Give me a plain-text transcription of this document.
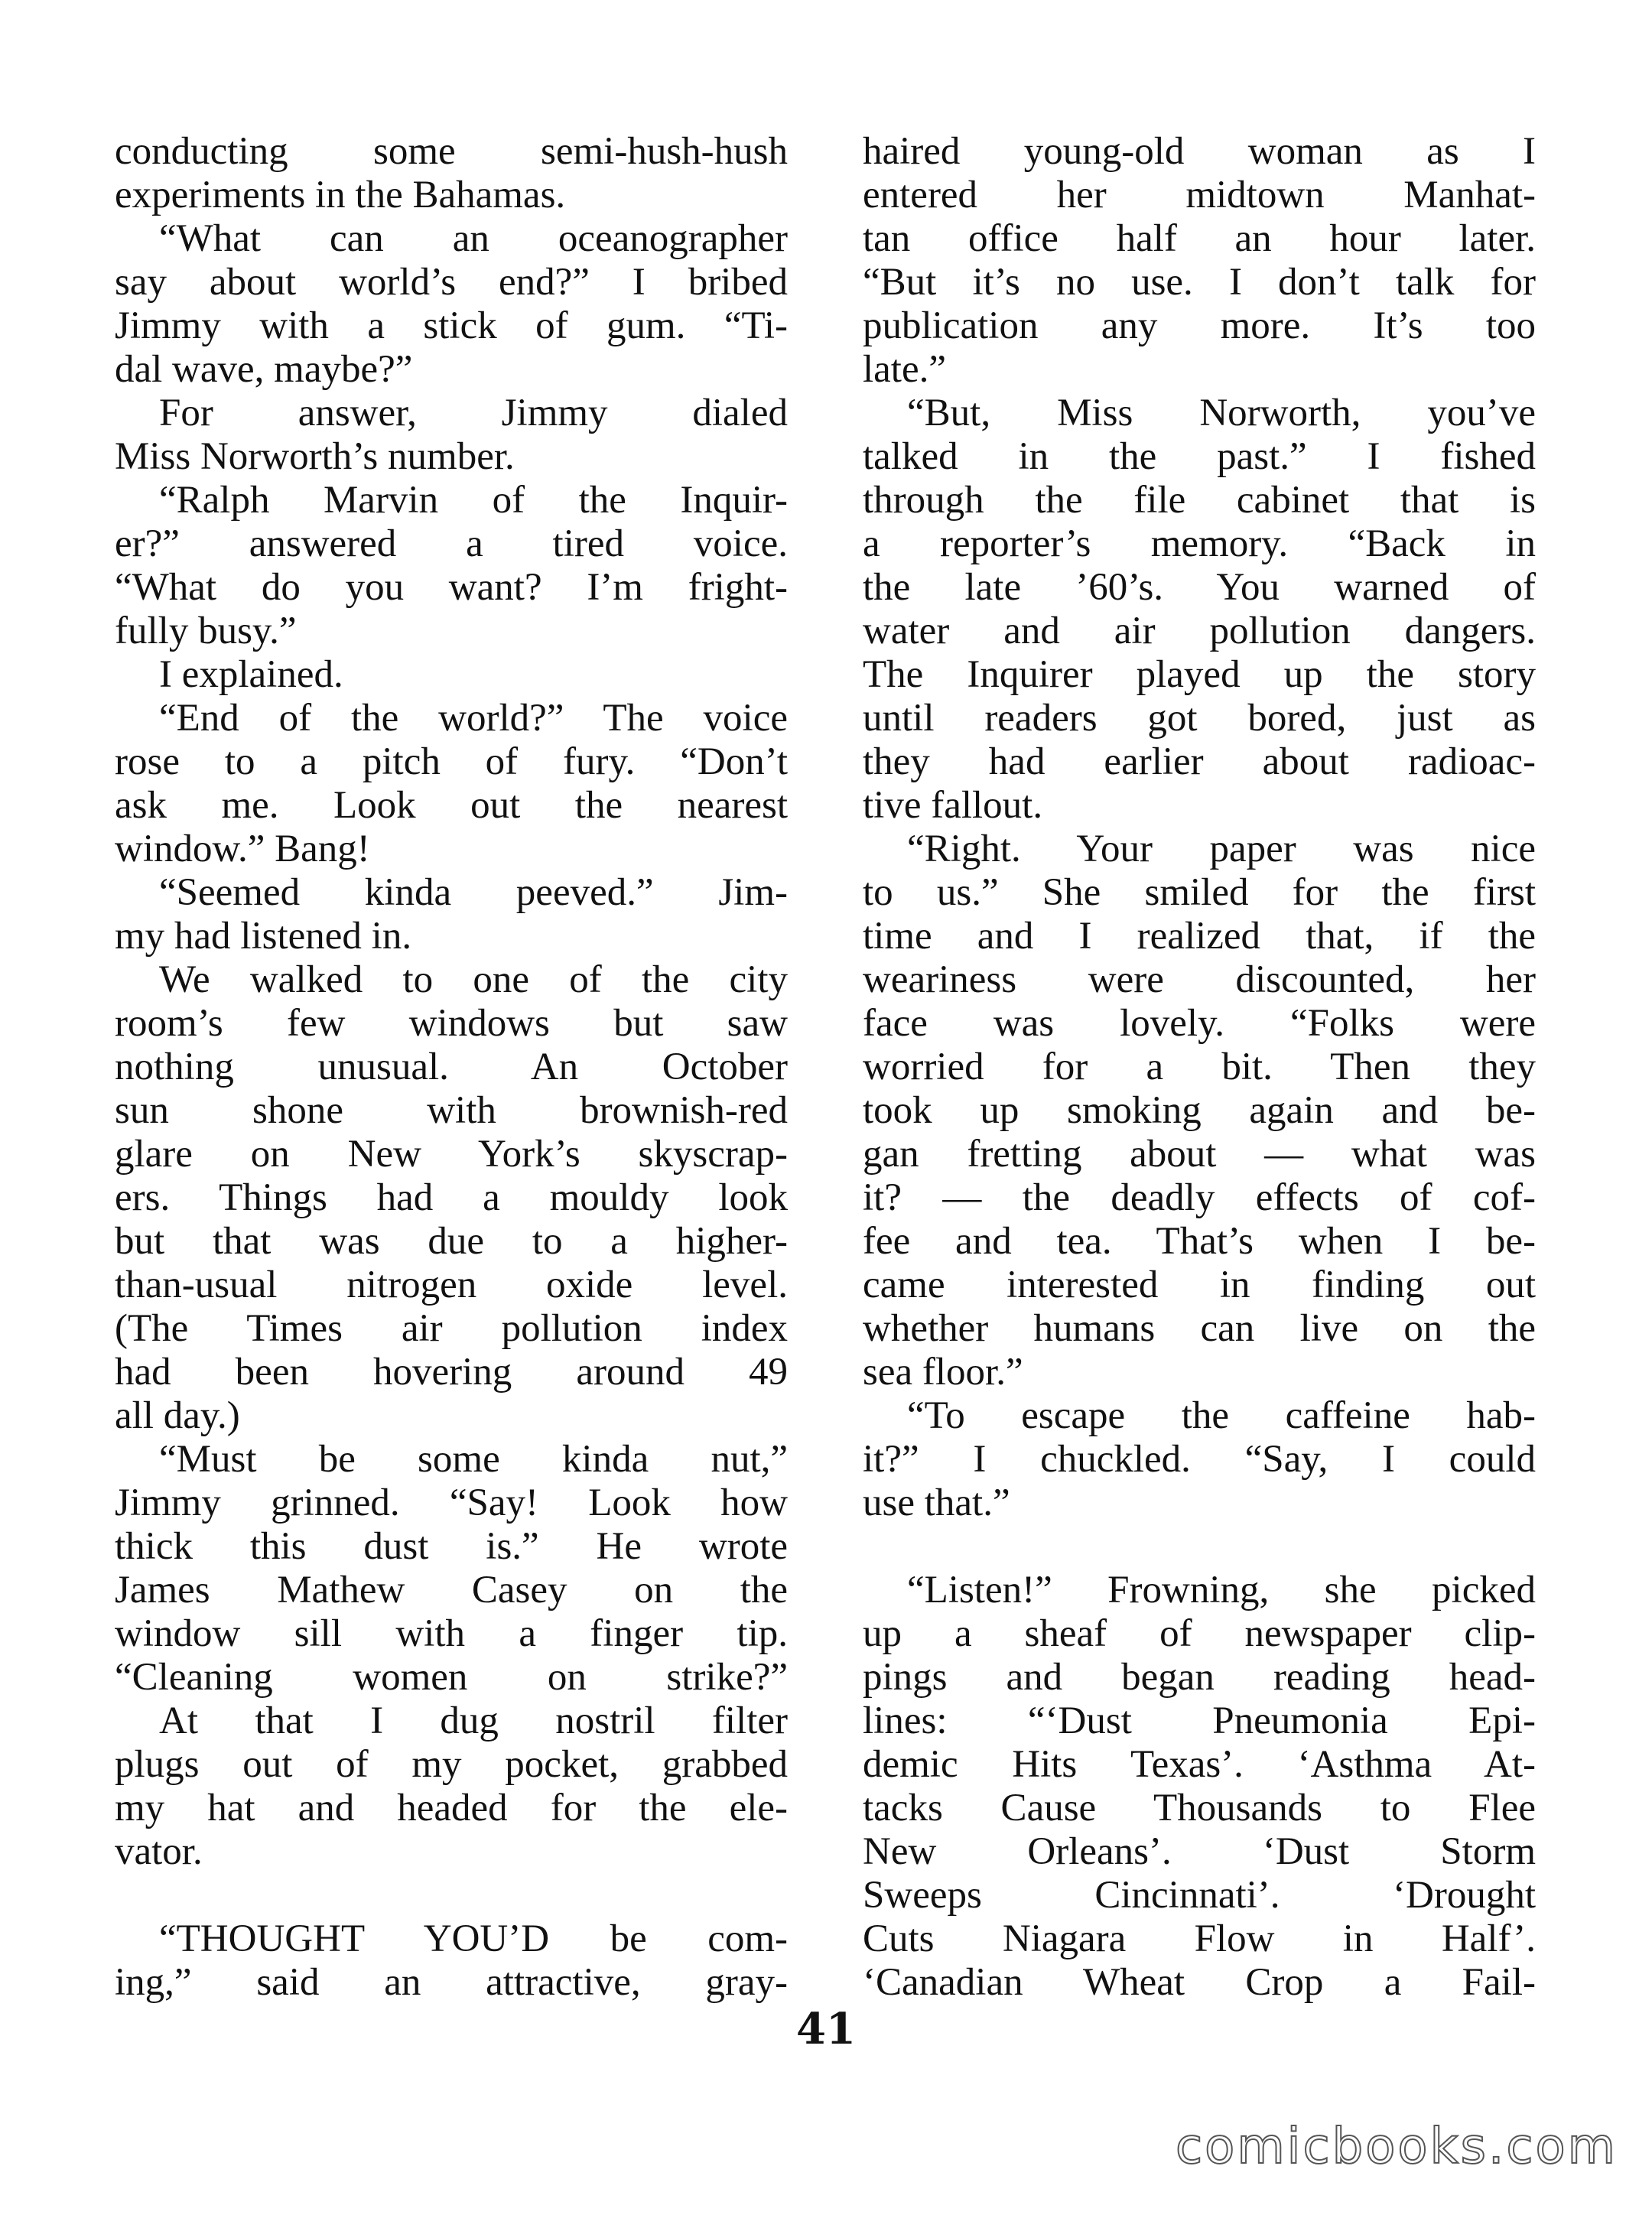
conducting some semi-hush-hush
experiments in the Bahamas.
“What can an oceanographer
say about world’s end?” I bribed
Jimmy with a stick of gum. “Ti-
dal wave, maybe?”
For answer, Jimmy dialed
Miss Norworth’s number.
“Ralph Marvin of the Inquir-
er?” answered a tired voice.
“What do you want? I’m fright-
fully busy.”
I explained.
“End of the world?” The voice
rose to a pitch of fury. “Don’t
ask me. Look out the nearest
window.” Bang!
“Seemed kinda peeved.” Jim-
my had listened in.
We walked to one of the city
room’s few windows but saw
nothing unusual. An October
sun shone with brownish-red
glare on New York’s skyscrap-
ers. Things had a mouldy look
but that was due to a higher-
than-usual nitrogen oxide level.
(The Times air pollution index
had been hovering around 49
all day.)
“Must be some kinda nut,”
Jimmy grinned. “Say! Look how
thick this dust is.” He wrote
James Mathew Casey on the
window sill with a finger tip.
“Cleaning women on strike?”
At that I dug nostril filter
plugs out of my pocket, grabbed
my hat and headed for the ele-
vator.
“THOUGHT YOU’D be com-
ing,” said an attractive, gray-
haired young-old woman as I
entered her midtown Manhat-
tan office half an hour later.
“But it’s no use. I don’t talk for
publication any more. It’s too
late.”
“But, Miss Norworth, you’ve
talked in the past.” I fished
through the file cabinet that is
a reporter’s memory. “Back in
the late ’60’s. You warned of
water and air pollution dangers.
The Inquirer played up the story
until readers got bored, just as
they had earlier about radioac-
tive fallout.
“Right. Your paper was nice
to us.” She smiled for the first
time and I realized that, if the
weariness were discounted, her
face was lovely. “Folks were
worried for a bit. Then they
took up smoking again and be-
gan fretting about — what was
it? — the deadly effects of cof-
fee and tea. That’s when I be-
came interested in finding out
whether humans can live on the
sea floor.”
“To escape the caffeine hab-
it?” I chuckled. “Say, I could
use that.”
“Listen!” Frowning, she picked
up a sheaf of newspaper clip-
pings and began reading head-
lines: “‘Dust Pneumonia Epi-
demic Hits Texas’. ‘Asthma At-
tacks Cause Thousands to Flee
New Orleans’. ‘Dust Storm
Sweeps Cincinnati’. ‘Drought
Cuts Niagara Flow in Half’.
‘Canadian Wheat Crop a Fail-
41
comicbooks.com
